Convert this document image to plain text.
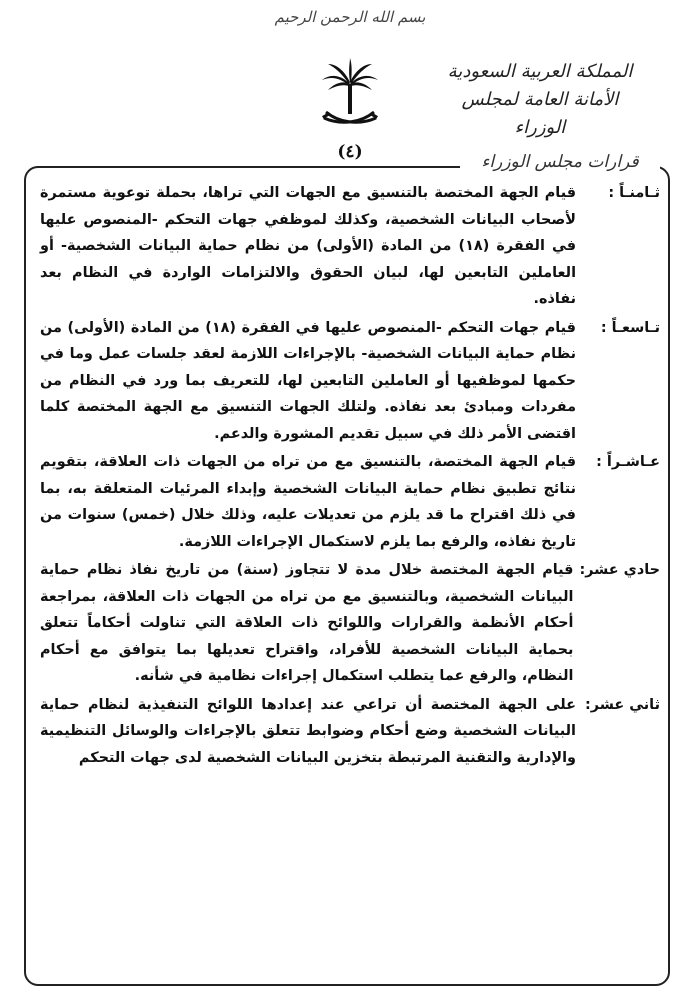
بسم الله الرحمن الرحيم
المملكة العربية السعودية
الأمانة العامة لمجلس الوزراء
(٤)	قرارات مجلس الوزراء
ثـامنـاً :
قيام الجهة المختصة بالتنسيق مع الجهات التي تراها، بحملة توعوية مستمرة لأصحاب البيانات الشخصية، وكذلك لموظفي جهات التحكم -المنصوص عليها في الفقرة (١٨) من المادة (الأولى) من نظام حماية البيانات الشخصية- أو العاملين التابعين لها، لبيان الحقوق والالتزامات الواردة في النظام بعد نفاذه.
تـاسعـاً :
قيام جهات التحكم -المنصوص عليها في الفقرة (١٨) من المادة (الأولى) من نظام حماية البيانات الشخصية- بالإجراءات اللازمة لعقد جلسات عمل وما في حكمها لموظفيها أو العاملين التابعين لها، للتعريف بما ورد في النظام من مفردات ومبادئ بعد نفاذه. ولتلك الجهات التنسيق مع الجهة المختصة كلما اقتضى الأمر ذلك في سبيل تقديم المشورة والدعم.
عـاشـراً :
قيام الجهة المختصة، بالتنسيق مع من تراه من الجهات ذات العلاقة، بتقويم نتائج تطبيق نظام حماية البيانات الشخصية وإبداء المرئيات المتعلقة به، بما في ذلك اقتراح ما قد يلزم من تعديلات عليه، وذلك خلال (خمس) سنوات من تاريخ نفاذه، والرفع بما يلزم لاستكمال الإجراءات اللازمة.
حادي عشر:
قيام الجهة المختصة خلال مدة لا تتجاوز (سنة) من تاريخ نفاذ نظام حماية البيانات الشخصية، وبالتنسيق مع من تراه من الجهات ذات العلاقة، بمراجعة أحكام الأنظمة والقرارات واللوائح ذات العلاقة التي تناولت أحكاماً تتعلق بحماية البيانات الشخصية للأفراد، واقتراح تعديلها بما يتوافق مع أحكام النظام، والرفع عما يتطلب استكمال إجراءات نظامية في شأنه.
ثاني عشر:
على الجهة المختصة أن تراعي عند إعدادها اللوائح التنفيذية لنظام حماية البيانات الشخصية وضع أحكام وضوابط تتعلق بالإجراءات والوسائل التنظيمية والإدارية والتقنية المرتبطة بتخزين البيانات الشخصية لدى جهات التحكم
